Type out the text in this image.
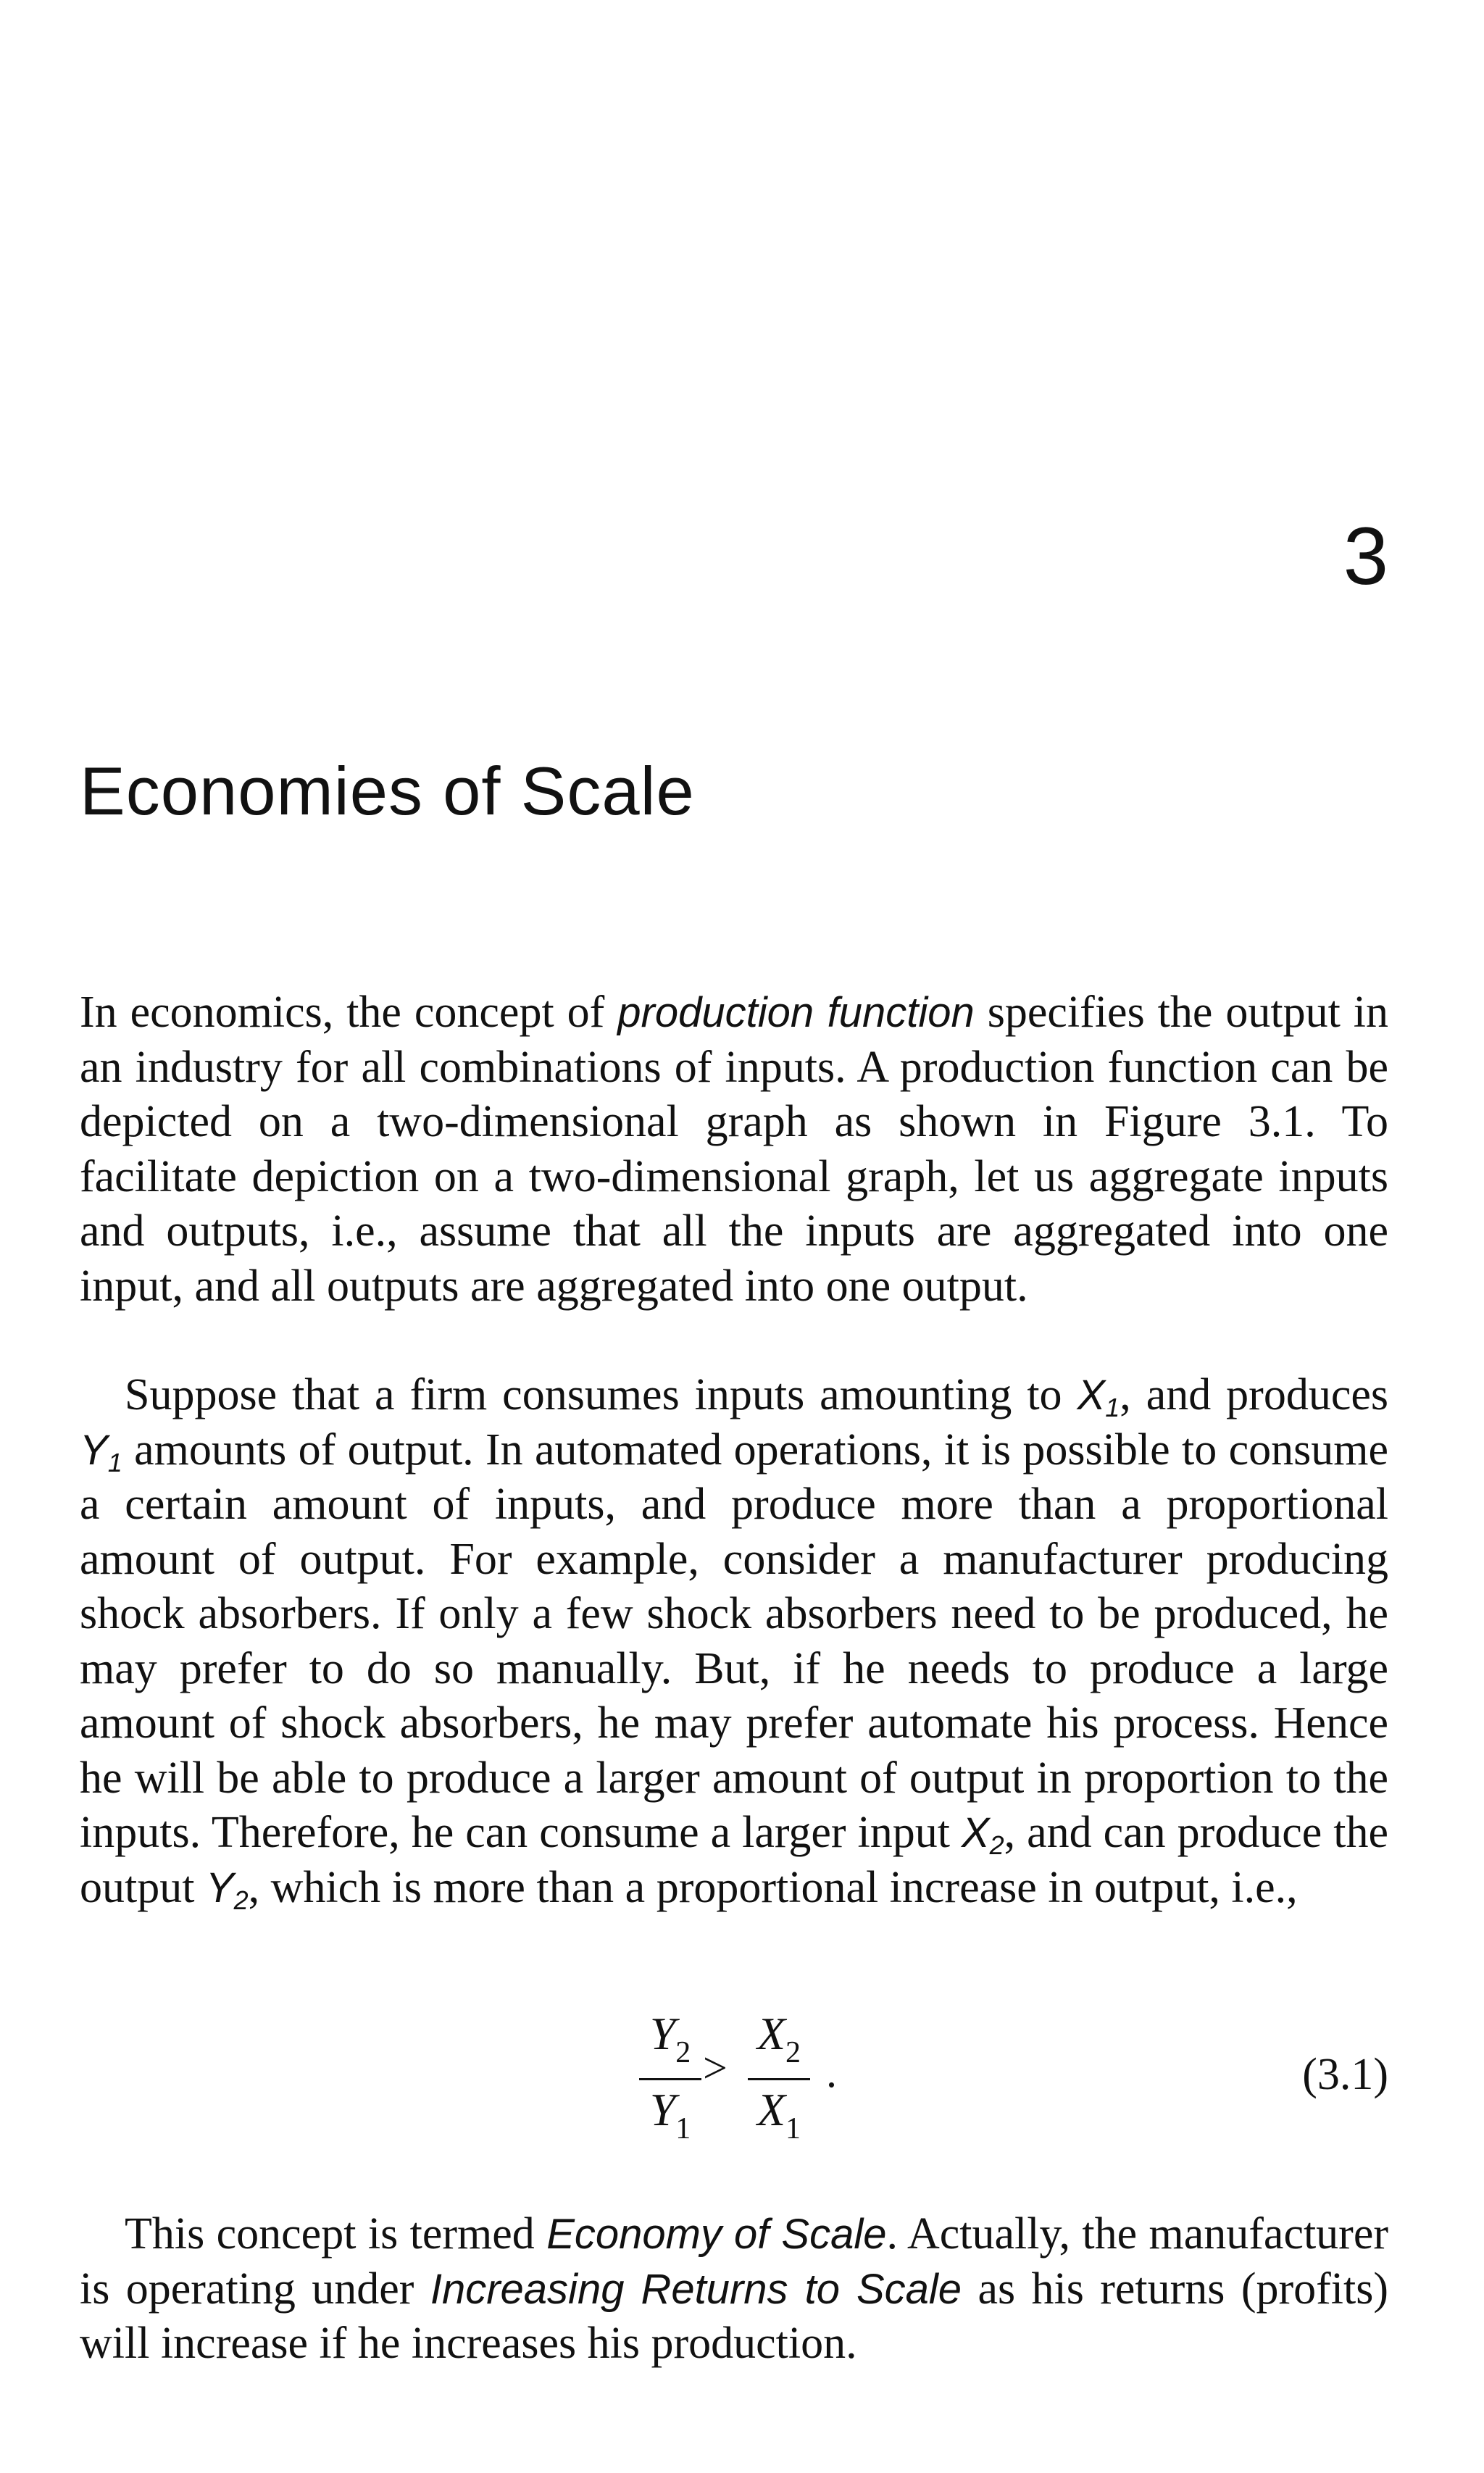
3
Economies of Scale

In economics, the concept of production function specifies the output in an industry for all combinations of inputs. A production function can be depicted on a two-dimensional graph as shown in Figure 3.1. To facilitate depiction on a two-dimensional graph, let us aggregate inputs and outputs, i.e., assume that all the inputs are aggregated into one input, and all outputs are aggregated into one output.

Suppose that a firm consumes inputs amounting to $X_1$, and produces $Y_1$ amounts of output. In automated operations, it is possible to consume a certain amount of inputs, and produce more than a proportional amount of output. For example, consider a manufacturer producing shock absorbers. If only a few shock absorbers need to be produced, he may prefer to do so manually. But, if he needs to produce a large amount of shock absorbers, he may prefer automate his process. Hence he will be able to produce a larger amount of output in proportion to the inputs. Therefore, he can consume a larger input $X_2$, and can produce the output $Y_2$, which is more than a proportional increase in output, i.e.,

$Y_2$
$Y_1$
>
$X_2$
$X_1$
.	(3.1)

This concept is termed Economy of Scale. Actually, the manufacturer is operating under Increasing Returns to Scale as his returns (profits) will increase if he increases his production.
